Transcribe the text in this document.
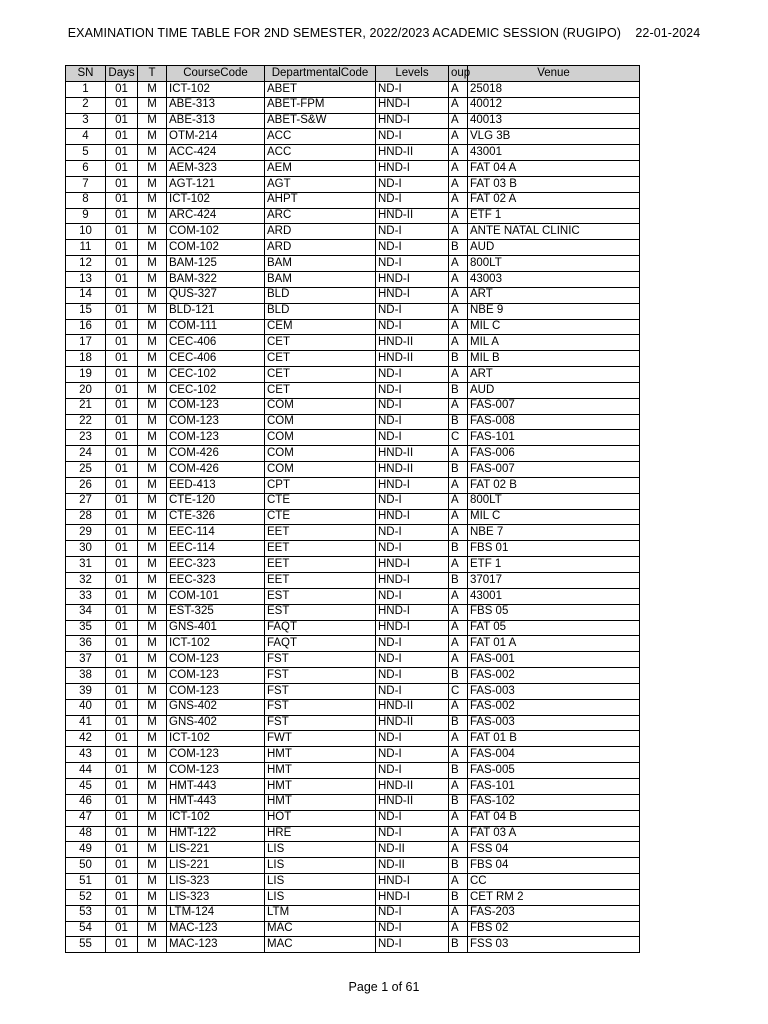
EXAMINATION TIME TABLE FOR 2ND SEMESTER, 2022/2023 ACADEMIC SESSION (RUGIPO)    22-01-2024
SN	Days	T	CourseCode	DepartmentalCode	Levels	oup	Venue
1	01	M	ICT-102	ABET	ND-I	A	25018
2	01	M	ABE-313	ABET-FPM	HND-I	A	40012
3	01	M	ABE-313	ABET-S&W	HND-I	A	40013
4	01	M	OTM-214	ACC	ND-I	A	VLG 3B
5	01	M	ACC-424	ACC	HND-II	A	43001
6	01	M	AEM-323	AEM	HND-I	A	FAT 04 A
7	01	M	AGT-121	AGT	ND-I	A	FAT 03 B
8	01	M	ICT-102	AHPT	ND-I	A	FAT 02 A
9	01	M	ARC-424	ARC	HND-II	A	ETF 1
10	01	M	COM-102	ARD	ND-I	A	ANTE NATAL CLINIC
11	01	M	COM-102	ARD	ND-I	B	AUD
12	01	M	BAM-125	BAM	ND-I	A	800LT
13	01	M	BAM-322	BAM	HND-I	A	43003
14	01	M	QUS-327	BLD	HND-I	A	ART
15	01	M	BLD-121	BLD	ND-I	A	NBE 9
16	01	M	COM-111	CEM	ND-I	A	MIL C
17	01	M	CEC-406	CET	HND-II	A	MIL A
18	01	M	CEC-406	CET	HND-II	B	MIL B
19	01	M	CEC-102	CET	ND-I	A	ART
20	01	M	CEC-102	CET	ND-I	B	AUD
21	01	M	COM-123	COM	ND-I	A	FAS-007
22	01	M	COM-123	COM	ND-I	B	FAS-008
23	01	M	COM-123	COM	ND-I	C	FAS-101
24	01	M	COM-426	COM	HND-II	A	FAS-006
25	01	M	COM-426	COM	HND-II	B	FAS-007
26	01	M	EED-413	CPT	HND-I	A	FAT 02 B
27	01	M	CTE-120	CTE	ND-I	A	800LT
28	01	M	CTE-326	CTE	HND-I	A	MIL C
29	01	M	EEC-114	EET	ND-I	A	NBE 7
30	01	M	EEC-114	EET	ND-I	B	FBS 01
31	01	M	EEC-323	EET	HND-I	A	ETF 1
32	01	M	EEC-323	EET	HND-I	B	37017
33	01	M	COM-101	EST	ND-I	A	43001
34	01	M	EST-325	EST	HND-I	A	FBS 05
35	01	M	GNS-401	FAQT	HND-I	A	FAT 05
36	01	M	ICT-102	FAQT	ND-I	A	FAT 01 A
37	01	M	COM-123	FST	ND-I	A	FAS-001
38	01	M	COM-123	FST	ND-I	B	FAS-002
39	01	M	COM-123	FST	ND-I	C	FAS-003
40	01	M	GNS-402	FST	HND-II	A	FAS-002
41	01	M	GNS-402	FST	HND-II	B	FAS-003
42	01	M	ICT-102	FWT	ND-I	A	FAT 01 B
43	01	M	COM-123	HMT	ND-I	A	FAS-004
44	01	M	COM-123	HMT	ND-I	B	FAS-005
45	01	M	HMT-443	HMT	HND-II	A	FAS-101
46	01	M	HMT-443	HMT	HND-II	B	FAS-102
47	01	M	ICT-102	HOT	ND-I	A	FAT 04 B
48	01	M	HMT-122	HRE	ND-I	A	FAT 03 A
49	01	M	LIS-221	LIS	ND-II	A	FSS 04
50	01	M	LIS-221	LIS	ND-II	B	FBS 04
51	01	M	LIS-323	LIS	HND-I	A	CC
52	01	M	LIS-323	LIS	HND-I	B	CET RM 2
53	01	M	LTM-124	LTM	ND-I	A	FAS-203
54	01	M	MAC-123	MAC	ND-I	A	FBS 02
55	01	M	MAC-123	MAC	ND-I	B	FSS 03
Page 1 of 61
